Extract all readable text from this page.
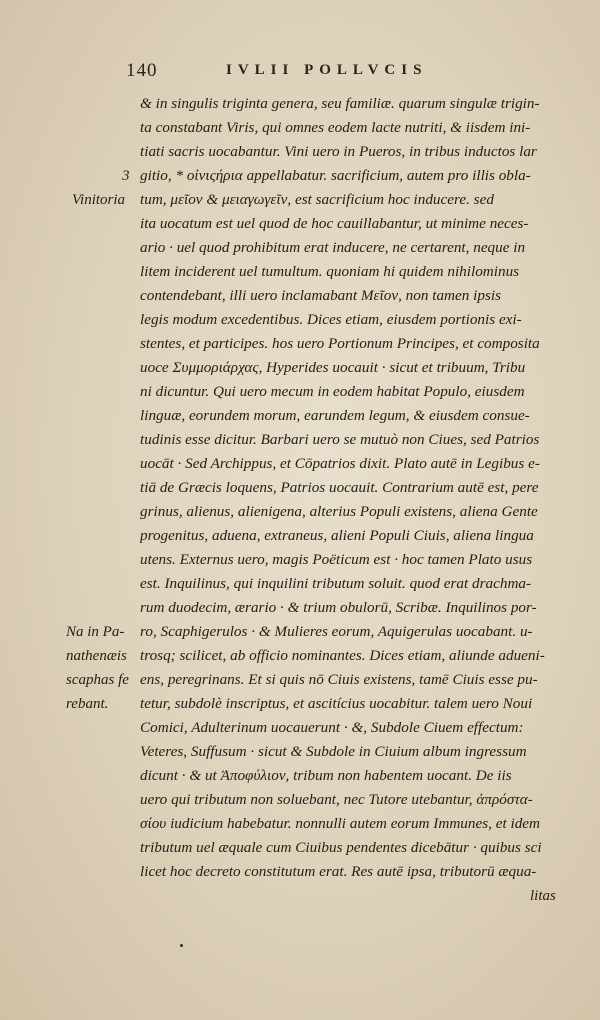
140	IVLII POLLVCIS
& in singulis triginta genera, seu familiæ. quarum singulæ trigin-
ta constabant Viris, qui omnes eodem lacte nutriti, & iisdem ini-
tiati sacris uocabantur. Vini uero in Pueros, in tribus inductos lar
gitio, * οἰνιςήρια appellabatur. sacrificium, autem pro illis obla-
tum, μεῖον & μειαγωγεῖν, est sacrificium hoc inducere. sed
ita uocatum est uel quod de hoc cauillabantur, ut minime neces-
ario · uel quod prohibitum erat inducere, ne certarent, neque in
litem inciderent uel tumultum. quoniam hi quidem nihilominus
contendebant, illi uero inclamabant Μεῖον, non tamen ipsis
legis modum excedentibus. Dices etiam, eiusdem portionis exi-
stentes, et participes. hos uero Portionum Principes, et composita
uoce Συμμοριάρχας, Hyperides uocauit · sicut et tribuum, Tribu
ni dicuntur. Qui uero mecum in eodem habitat Populo, eiusdem
linguæ, eorundem morum, earundem legum, & eiusdem consue-
tudinis esse dicitur. Barbari uero se mutuò non Ciues, sed Patrios
uocāt · Sed Archippus, et Cōpatrios dixit. Plato autē in Legibus e-
tiā de Græcis loquens, Patrios uocauit. Contrarium autē est, pere
grinus, alienus, alienigena, alterius Populi existens, aliena Gente
progenitus, aduena, extraneus, alieni Populi Ciuis, aliena lingua
utens. Externus uero, magis Poëticum est · hoc tamen Plato usus
est. Inquilinus, qui inquilini tributum soluit. quod erat drachma-
rum duodecim, ærario · & trium obulorū, Scribæ. Inquilinos por-
ro, Scaphigerulos · & Mulieres eorum, Aquigerulas uocabant. u-
trosq; scilicet, ab officio nominantes. Dices etiam, aliunde adueni-
ens, peregrinans. Et si quis nō Ciuis existens, tamē Ciuis esse pu-
tetur, subdolè inscriptus, et ascitícius uocabitur. talem uero Noui
Comici, Adulterinum uocauerunt · &, Subdole Ciuem effectum:
Veteres, Suffusum · sicut & Subdole in Ciuium album ingressum
dicunt · & ut Ἀποφύλιον, tribum non habentem uocant. De iis
uero qui tributum non soluebant, nec Tutore utebantur, ἀπρόστα-
σίου iudicium habebatur. nonnulli autem eorum Immunes, et idem
tributum uel æquale cum Ciuibus pendentes dicebātur · quibus sci
licet hoc decreto constitutum erat. Res autē ipsa, tributorū æqua-
3
Vinitoria
Na in Pa-
nathenæis
scaphas fe
rebant.
litas
